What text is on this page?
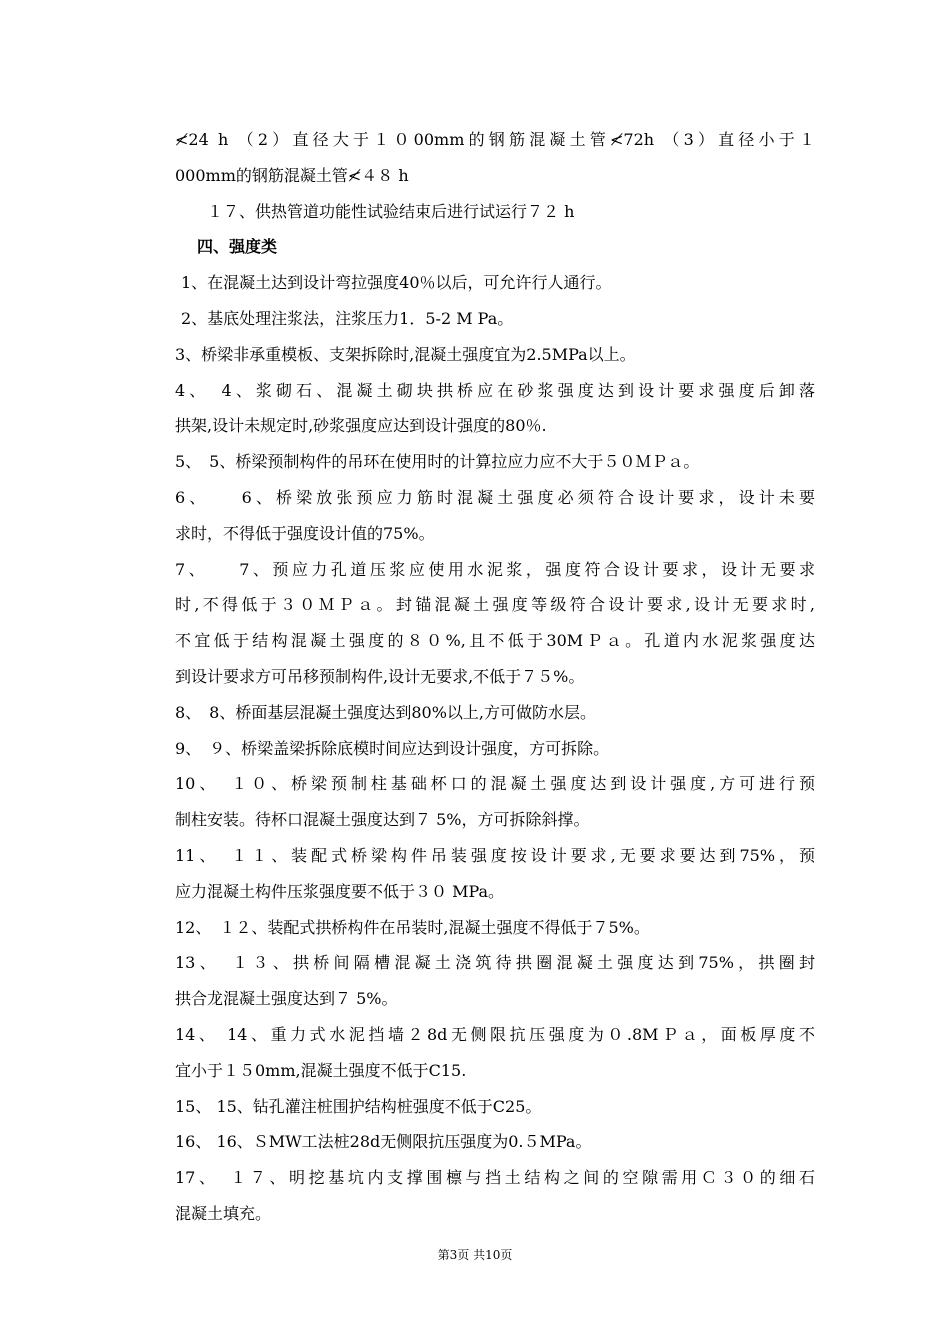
≮24 h （2）直径大于１０00mm的钢筋混凝土管≮72h （3）直径小于１
000mm的钢筋混凝土管≮４８ h
１７、供热管道功能性试验结束后进行试运行７２ h
四、强度类
1、在混凝土达到设计弯拉强度40％以后，可允许行人通行。
2、基底处理注浆法，注浆压力1．5-2 M Pa。
3、桥梁非承重模板、支架拆除时,混凝土强度宜为2.5MPa以上。
4、　4、浆砌石、混凝土砌块拱桥应在砂浆强度达到设计要求强度后卸落
拱架,设计未规定时,砂浆强度应达到设计强度的80％.
5、　5、桥梁预制构件的吊环在使用时的计算拉应力应不大于５０ＭＰａ。
6、　　6、桥梁放张预应力筋时混凝土强度必须符合设计要求，设计未要
求时，不得低于强度设计值的75%。
7、　　7、预应力孔道压浆应使用水泥浆，强度符合设计要求，设计无要求
时,不得低于３０ＭＰａ。封锚混凝土强度等级符合设计要求,设计无要求时,
不宜低于结构混凝土强度的８０%,且不低于30MＰａ。孔道内水泥浆强度达
到设计要求方可吊移预制构件,设计无要求,不低于７５%。
8、　8、桥面基层混凝土强度达到80%以上,方可做防水层。
9、　９、桥梁盖梁拆除底模时间应达到设计强度，方可拆除。
10、　１０、桥梁预制柱基础杯口的混凝土强度达到设计强度,方可进行预
制柱安装。待杯口混凝土强度达到７ 5%，方可拆除斜撑。
11、　１１、装配式桥梁构件吊装强度按设计要求,无要求要达到75%，预
应力混凝土构件压浆强度要不低于３０ MPa。
12、　１２、装配式拱桥构件在吊装时,混凝土强度不得低于７5%。
13、　１３、拱桥间隔槽混凝土浇筑待拱圈混凝土强度达到75%，拱圈封
拱合龙混凝土强度达到７ 5%。
14、 14、重力式水泥挡墙２8d无侧限抗压强度为０.8MＰａ，面板厚度不
宜小于１５0mm,混凝土强度不低于C15.
15、 15、钻孔灌注桩围护结构桩强度不低于C25。
16、 16、ＳMW工法桩28d无侧限抗压强度为0.５MPa。
17、　１７、明挖基坑内支撑围檩与挡土结构之间的空隙需用Ｃ３０的细石
混凝土填充。
第3页 共10页
